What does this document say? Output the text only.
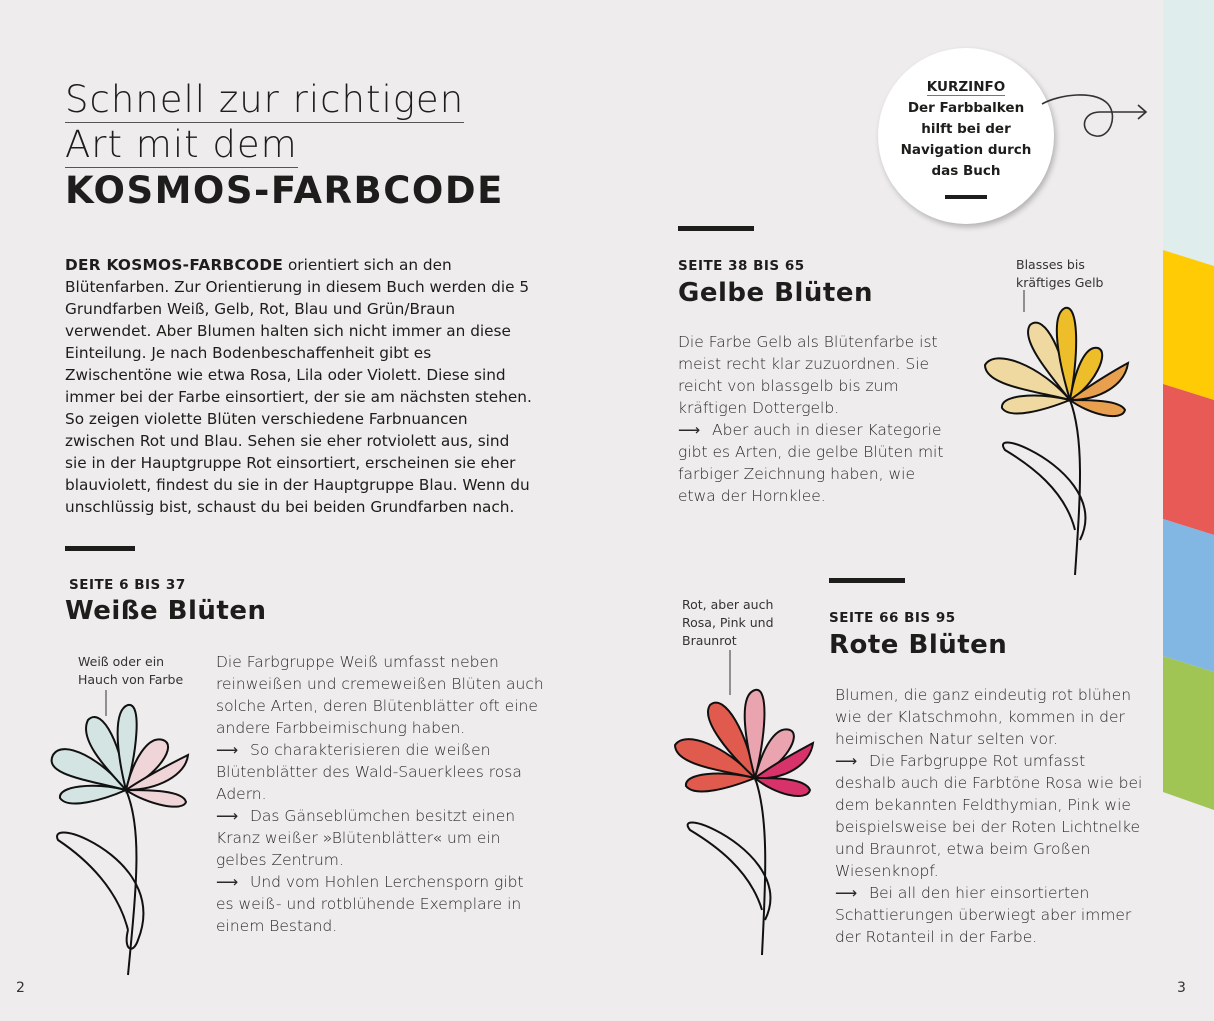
Schnell zur richtigen
Art mit dem
KOSMOS-FARBCODE
KURZINFO
Der Farbbalken
hilft bei der
Navigation durch
das Buch
DER KOSMOS-FARBCODE orientiert sich an den Blütenfarben. Zur Orientierung in diesem Buch werden die 5 Grundfarben Weiß, Gelb, Rot, Blau und Grün/Braun verwendet. Aber Blumen halten sich nicht immer an diese Einteilung. Je nach Bodenbeschaffenheit gibt es Zwischentöne wie etwa Rosa, Lila oder Violett. Diese sind immer bei der Farbe einsortiert, der sie am nächsten stehen. So zeigen violette Blüten verschiedene Farbnuancen zwischen Rot und Blau. Sehen sie eher rotviolett aus, sind sie in der Hauptgruppe Rot einsortiert, erscheinen sie eher blauviolett, findest du sie in der Hauptgruppe Blau. Wenn du unschlüssig bist, schaust du bei beiden Grundfarben nach.
SEITE 6 BIS 37
Weiße Blüten
Weiß oder ein
Hauch von Farbe
Die Farbgruppe Weiß umfasst neben reinweißen und cremeweißen Blüten auch solche Arten, deren Blütenblätter oft eine andere Farbbeimischung haben.
⟶ So charakterisieren die weißen Blütenblätter des Wald-Sauerklees rosa Adern.
⟶ Das Gänseblümchen besitzt einen Kranz weißer »Blütenblätter« um ein gelbes Zentrum.
⟶ Und vom Hohlen Lerchensporn gibt es weiß- und rotblühende Exemplare in einem Bestand.
SEITE 38 BIS 65
Gelbe Blüten
Die Farbe Gelb als Blütenfarbe ist meist recht klar zuzuordnen. Sie reicht von blassgelb bis zum kräftigen Dottergelb.
⟶ Aber auch in dieser Kategorie gibt es Arten, die gelbe Blüten mit farbiger Zeichnung haben, wie etwa der Hornklee.
Blasses bis
kräftiges Gelb
Rot, aber auch
Rosa, Pink und
Braunrot
SEITE 66 BIS 95
Rote Blüten
Blumen, die ganz eindeutig rot blühen wie der Klatschmohn, kommen in der heimischen Natur selten vor.
⟶ Die Farbgruppe Rot umfasst deshalb auch die Farbtöne Rosa wie bei dem bekannten Feldthymian, Pink wie beispielsweise bei der Roten Lichtnelke und Braunrot, etwa beim Großen Wiesenknopf.
⟶ Bei all den hier einsortierten Schattierungen überwiegt aber immer der Rotanteil in der Farbe.
2	3
